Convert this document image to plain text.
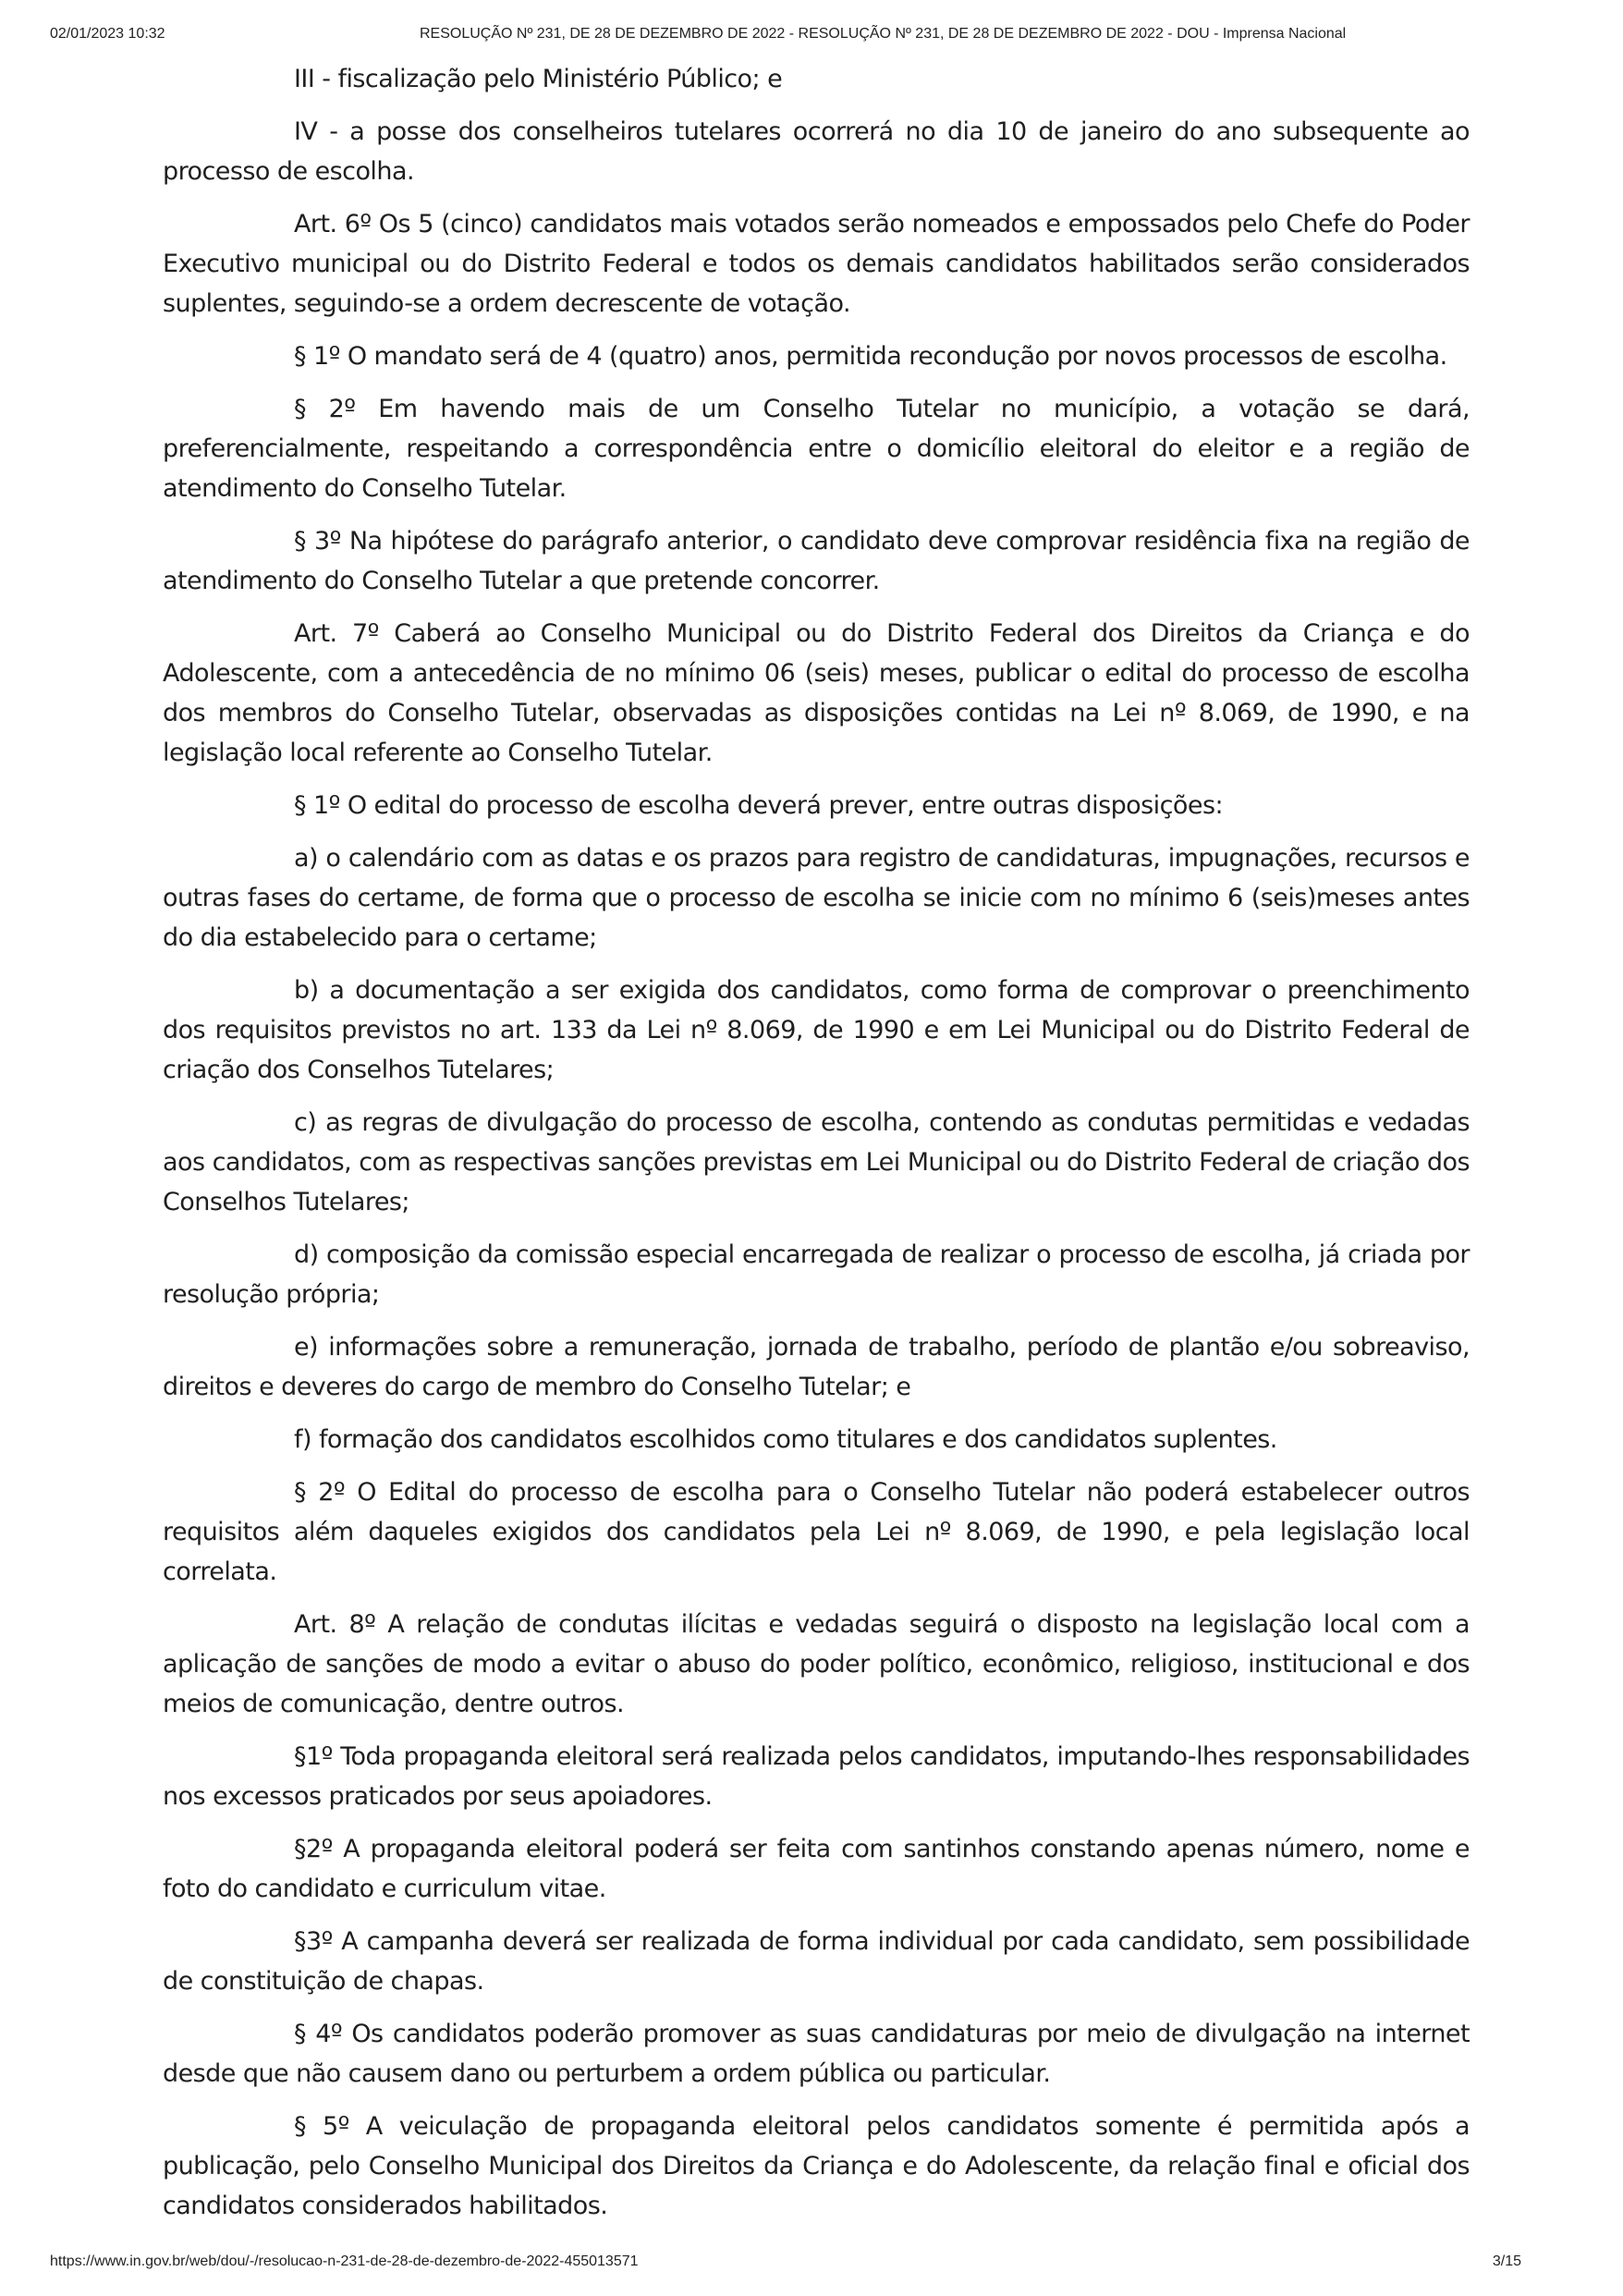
02/01/2023 10:32	RESOLUÇÃO Nº 231, DE 28 DE DEZEMBRO DE 2022 - RESOLUÇÃO Nº 231, DE 28 DE DEZEMBRO DE 2022 - DOU - Imprensa Nacional

III - fiscalização pelo Ministério Público; e

IV - a posse dos conselheiros tutelares ocorrerá no dia 10 de janeiro do ano subsequente ao processo de escolha.

Art. 6º Os 5 (cinco) candidatos mais votados serão nomeados e empossados pelo Chefe do Poder Executivo municipal ou do Distrito Federal e todos os demais candidatos habilitados serão considerados suplentes, seguindo-se a ordem decrescente de votação.

§ 1º O mandato será de 4 (quatro) anos, permitida recondução por novos processos de escolha.

§ 2º Em havendo mais de um Conselho Tutelar no município, a votação se dará, preferencialmente, respeitando a correspondência entre o domicílio eleitoral do eleitor e a região de atendimento do Conselho Tutelar.

§ 3º Na hipótese do parágrafo anterior, o candidato deve comprovar residência fixa na região de atendimento do Conselho Tutelar a que pretende concorrer.

Art. 7º Caberá ao Conselho Municipal ou do Distrito Federal dos Direitos da Criança e do Adolescente, com a antecedência de no mínimo 06 (seis) meses, publicar o edital do processo de escolha dos membros do Conselho Tutelar, observadas as disposições contidas na Lei nº 8.069, de 1990, e na legislação local referente ao Conselho Tutelar.

§ 1º O edital do processo de escolha deverá prever, entre outras disposições:

a) o calendário com as datas e os prazos para registro de candidaturas, impugnações, recursos e outras fases do certame, de forma que o processo de escolha se inicie com no mínimo 6 (seis)meses antes do dia estabelecido para o certame;

b) a documentação a ser exigida dos candidatos, como forma de comprovar o preenchimento dos requisitos previstos no art. 133 da Lei nº 8.069, de 1990 e em Lei Municipal ou do Distrito Federal de criação dos Conselhos Tutelares;

c) as regras de divulgação do processo de escolha, contendo as condutas permitidas e vedadas aos candidatos, com as respectivas sanções previstas em Lei Municipal ou do Distrito Federal de criação dos Conselhos Tutelares;

d) composição da comissão especial encarregada de realizar o processo de escolha, já criada por resolução própria;

e) informações sobre a remuneração, jornada de trabalho, período de plantão e/ou sobreaviso, direitos e deveres do cargo de membro do Conselho Tutelar; e

f) formação dos candidatos escolhidos como titulares e dos candidatos suplentes.

§ 2º O Edital do processo de escolha para o Conselho Tutelar não poderá estabelecer outros requisitos além daqueles exigidos dos candidatos pela Lei nº 8.069, de 1990, e pela legislação local correlata.

Art. 8º A relação de condutas ilícitas e vedadas seguirá o disposto na legislação local com a aplicação de sanções de modo a evitar o abuso do poder político, econômico, religioso, institucional e dos meios de comunicação, dentre outros.

§1º Toda propaganda eleitoral será realizada pelos candidatos, imputando-lhes responsabilidades nos excessos praticados por seus apoiadores.

§2º A propaganda eleitoral poderá ser feita com santinhos constando apenas número, nome e foto do candidato e curriculum vitae.

§3º A campanha deverá ser realizada de forma individual por cada candidato, sem possibilidade de constituição de chapas.

§ 4º Os candidatos poderão promover as suas candidaturas por meio de divulgação na internet desde que não causem dano ou perturbem a ordem pública ou particular.

§ 5º A veiculação de propaganda eleitoral pelos candidatos somente é permitida após a publicação, pelo Conselho Municipal dos Direitos da Criança e do Adolescente, da relação final e oficial dos candidatos considerados habilitados.

https://www.in.gov.br/web/dou/-/resolucao-n-231-de-28-de-dezembro-de-2022-455013571	3/15
